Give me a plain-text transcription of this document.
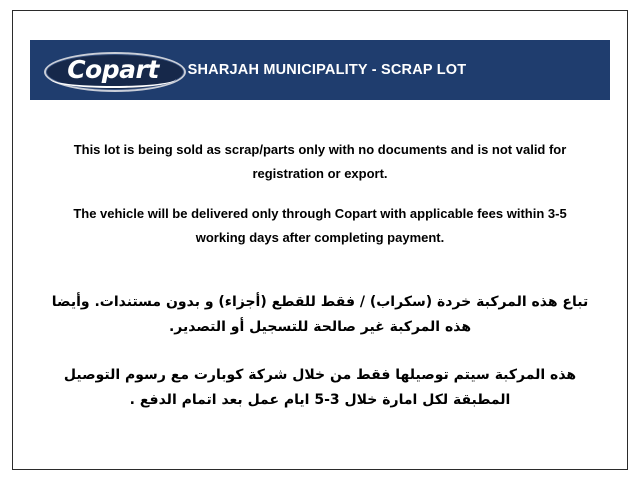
Copart	SHARJAH MUNICIPALITY - SCRAP LOT

This lot is being sold as scrap/parts only with no documents and is not valid for registration or export.

The vehicle will be delivered only through Copart with applicable fees within 3-5 working days after completing payment.

تباع هذه المركبة خردة (سكراب) / فقط للقطع (أجزاء) و بدون مستندات. وأيضا هذه المركبة غير صالحة للتسجيل أو التصدير.

هذه المركبة سيتم توصيلها فقط من خلال شركة كوبارت مع رسوم التوصيل المطبقة لكل امارة خلال 3-5 ايام عمل بعد اتمام الدفع .
